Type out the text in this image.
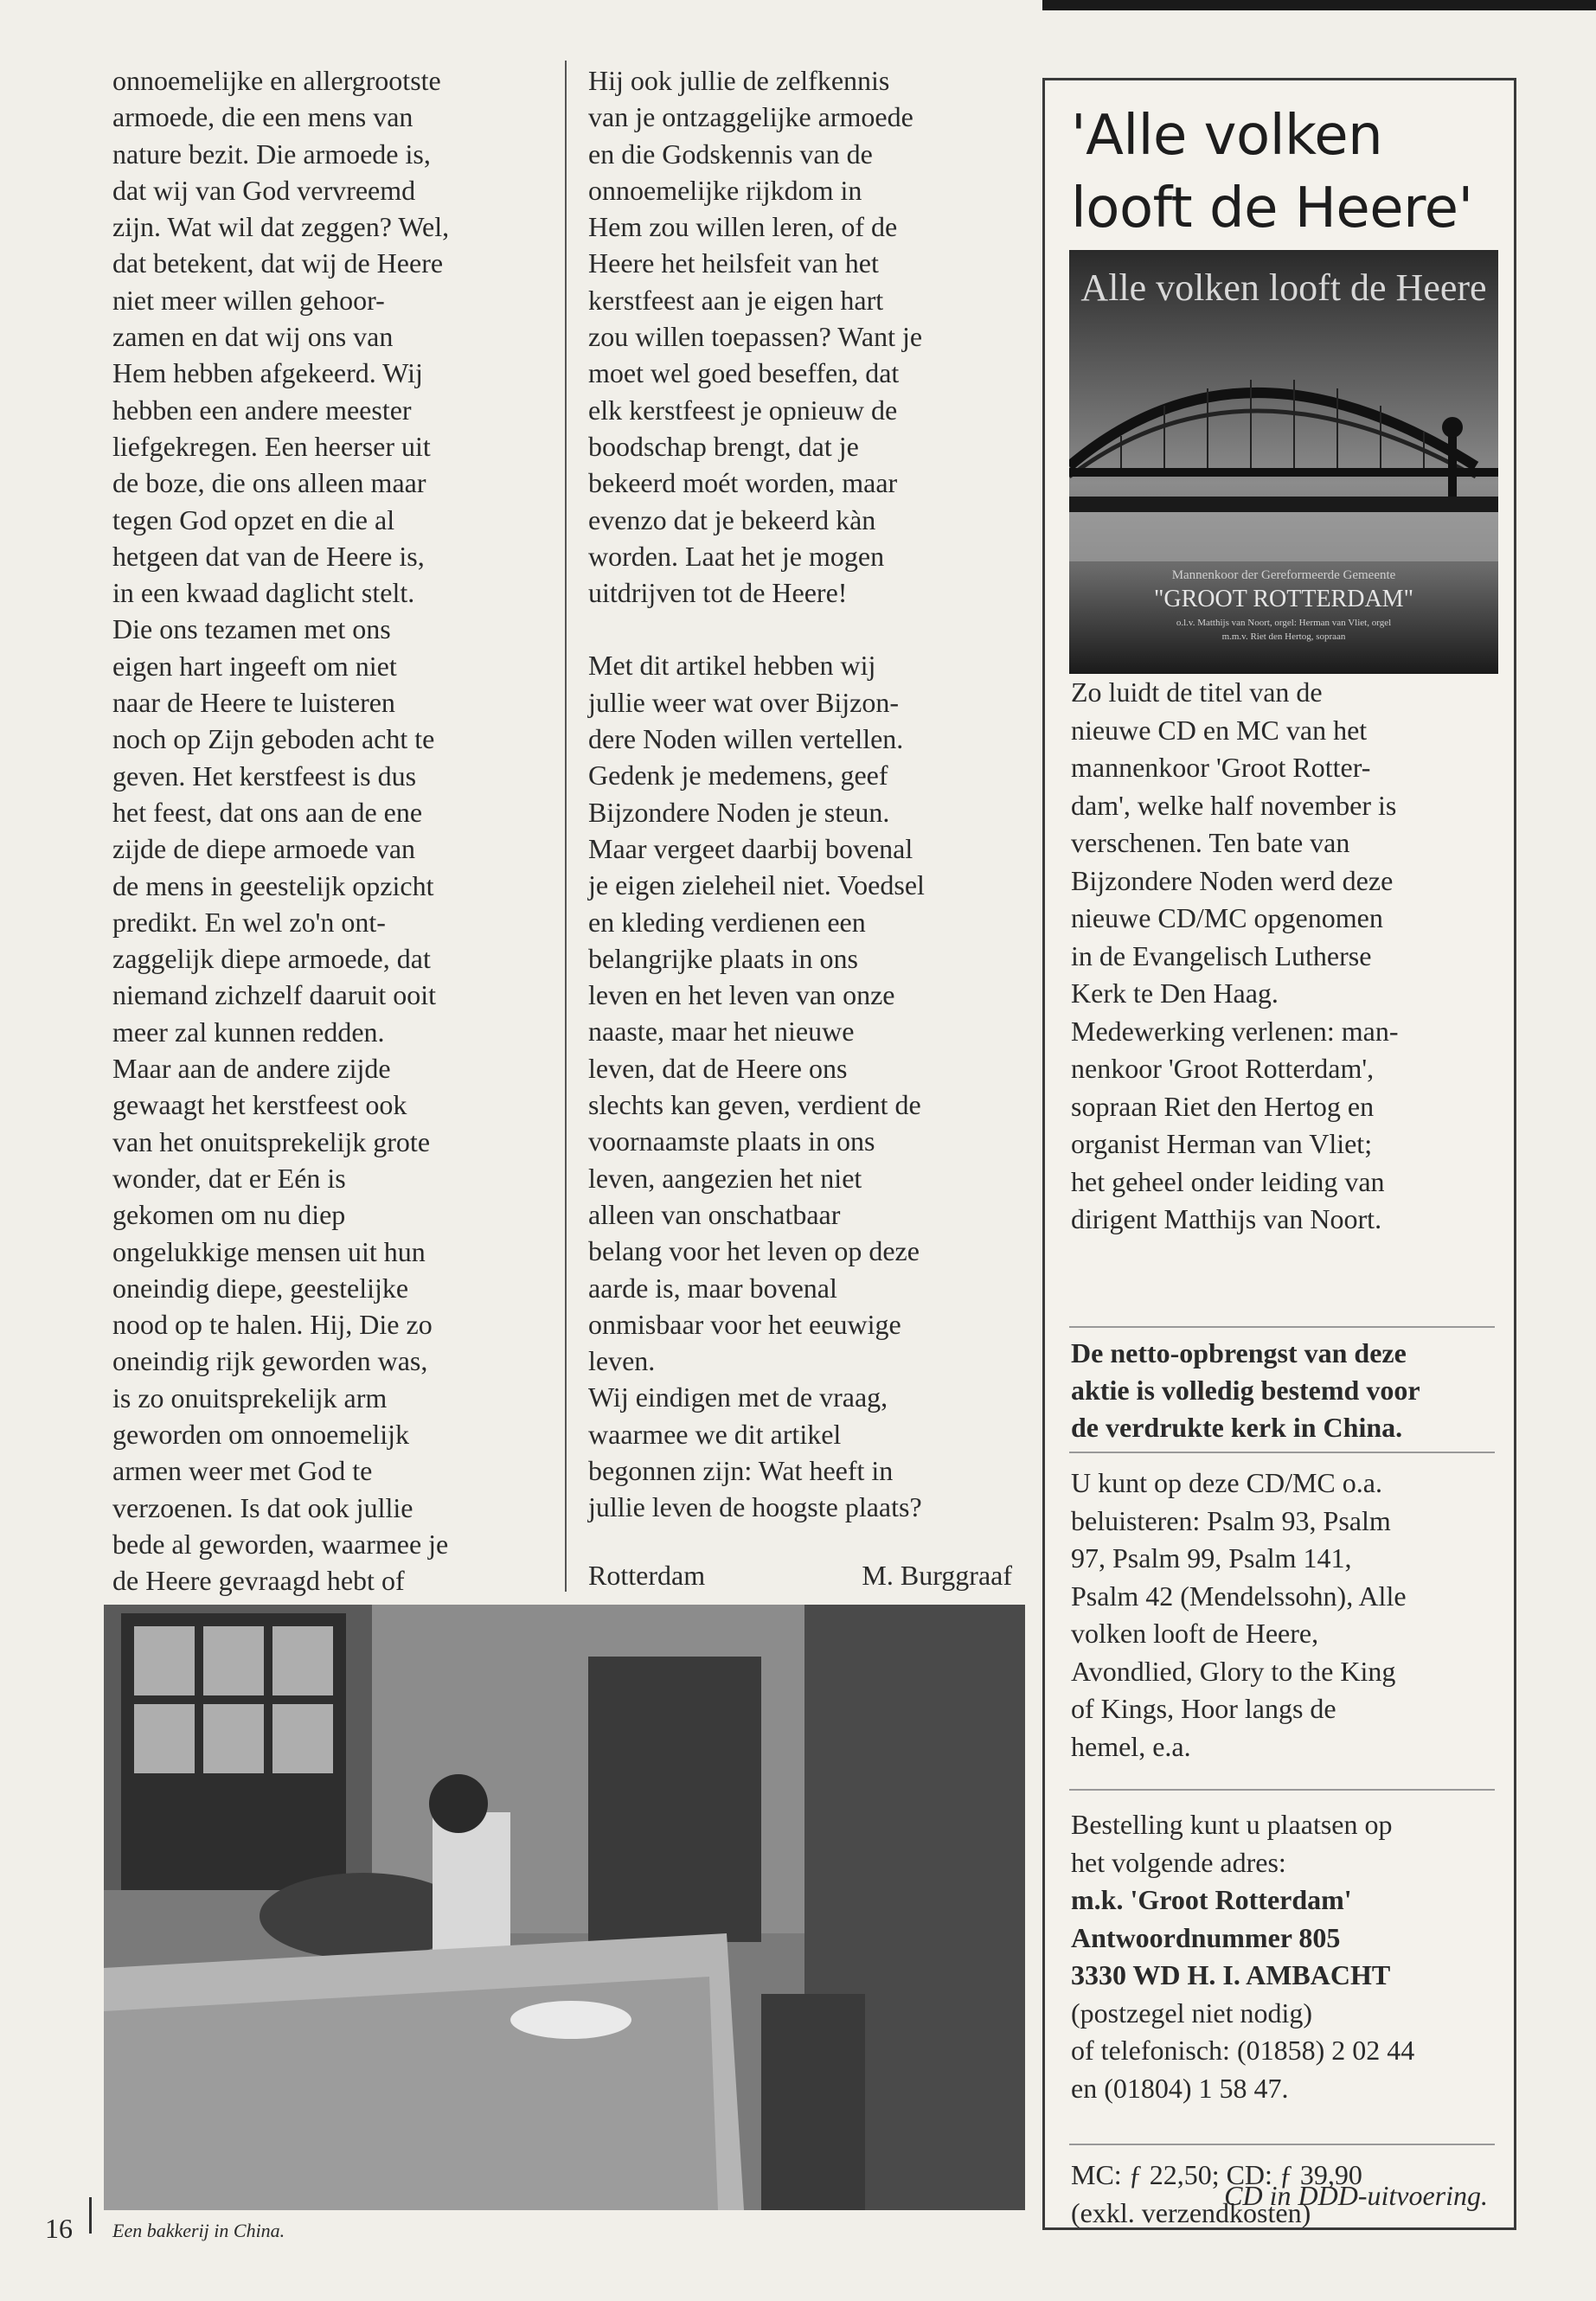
onnoemelijke en allergrootste

armoede, die een mens van

nature bezit. Die armoede is,

dat wij van God vervreemd

zijn. Wat wil dat zeggen? Wel,

dat betekent, dat wij de Heere

niet meer willen gehoor-

zamen en dat wij ons van

Hem hebben afgekeerd. Wij

hebben een andere meester

liefgekregen. Een heerser uit

de boze, die ons alleen maar

tegen God opzet en die al

hetgeen dat van de Heere is,

in een kwaad daglicht stelt.

Die ons tezamen met ons

eigen hart ingeeft om niet

naar de Heere te luisteren

noch op Zijn geboden acht te

geven. Het kerstfeest is dus

het feest, dat ons aan de ene

zijde de diepe armoede van

de mens in geestelijk opzicht

predikt. En wel zo'n ont-

zaggelijk diepe armoede, dat

niemand zichzelf daaruit ooit

meer zal kunnen redden.

Maar aan de andere zijde

gewaagt het kerstfeest ook

van het onuitsprekelijk grote

wonder, dat er Eén is

gekomen om nu diep

ongelukkige mensen uit hun

oneindig diepe, geestelijke

nood op te halen. Hij, Die zo

oneindig rijk geworden was,

is zo onuitsprekelijk arm

geworden om onnoemelijk

armen weer met God te

verzoenen. Is dat ook jullie

bede al geworden, waarmee je

de Heere gevraagd hebt of

Hij ook jullie de zelfkennis

van je ontzaggelijke armoede

en die Godskennis van de

onnoemelijke rijkdom in

Hem zou willen leren, of de

Heere het heilsfeit van het

kerstfeest aan je eigen hart

zou willen toepassen? Want je

moet wel goed beseffen, dat

elk kerstfeest je opnieuw de

boodschap brengt, dat je

bekeerd moét worden, maar

evenzo dat je bekeerd kàn

worden. Laat het je mogen

uitdrijven tot de Heere!

Met dit artikel hebben wij

jullie weer wat over Bijzon-

dere Noden willen vertellen.

Gedenk je medemens, geef

Bijzondere Noden je steun.

Maar vergeet daarbij bovenal

je eigen zieleheil niet. Voedsel

en kleding verdienen een

belangrijke plaats in ons

leven en het leven van onze

naaste, maar het nieuwe

leven, dat de Heere ons

slechts kan geven, verdient de

voornaamste plaats in ons

leven, aangezien het niet

alleen van onschatbaar

belang voor het leven op deze

aarde is, maar bovenal

onmisbaar voor het eeuwige

leven.

Wij eindigen met de vraag,

waarmee we dit artikel

begonnen zijn: Wat heeft in

jullie leven de hoogste plaats?

Rotterdam	M. Burggraaf
'Alle volken
looft de Heere'
Alle volken looft de Heere
Mannenkoor der Gereformeerde Gemeente
"GROOT ROTTERDAM"
o.l.v. Matthijs van Noort, orgel: Herman van Vliet, orgel
m.m.v. Riet den Hertog, sopraan

Zo luidt de titel van de

nieuwe CD en MC van het

mannenkoor 'Groot Rotter-

dam', welke half november is

verschenen. Ten bate van

Bijzondere Noden werd deze

nieuwe CD/MC opgenomen

in de Evangelisch Lutherse

Kerk te Den Haag.

Medewerking verlenen: man-

nenkoor 'Groot Rotterdam',

sopraan Riet den Hertog en

organist Herman van Vliet;

het geheel onder leiding van

dirigent Matthijs van Noort.

De netto-opbrengst van deze

aktie is volledig bestemd voor

de verdrukte kerk in China.

U kunt op deze CD/MC o.a.

beluisteren: Psalm 93, Psalm

97, Psalm 99, Psalm 141,

Psalm 42 (Mendelssohn), Alle

volken looft de Heere,

Avondlied, Glory to the King

of Kings, Hoor langs de

hemel, e.a.

Bestelling kunt u plaatsen op

het volgende adres:

m.k. 'Groot Rotterdam'

Antwoordnummer 805

3330 WD H. I. AMBACHT

(postzegel niet nodig)

of telefonisch: (01858) 2 02 44

en (01804) 1 58 47.

MC: ƒ 22,50; CD: ƒ 39,90

(exkl. verzendkosten)

CD in DDD-uitvoering.
16 Een bakkerij in China.
